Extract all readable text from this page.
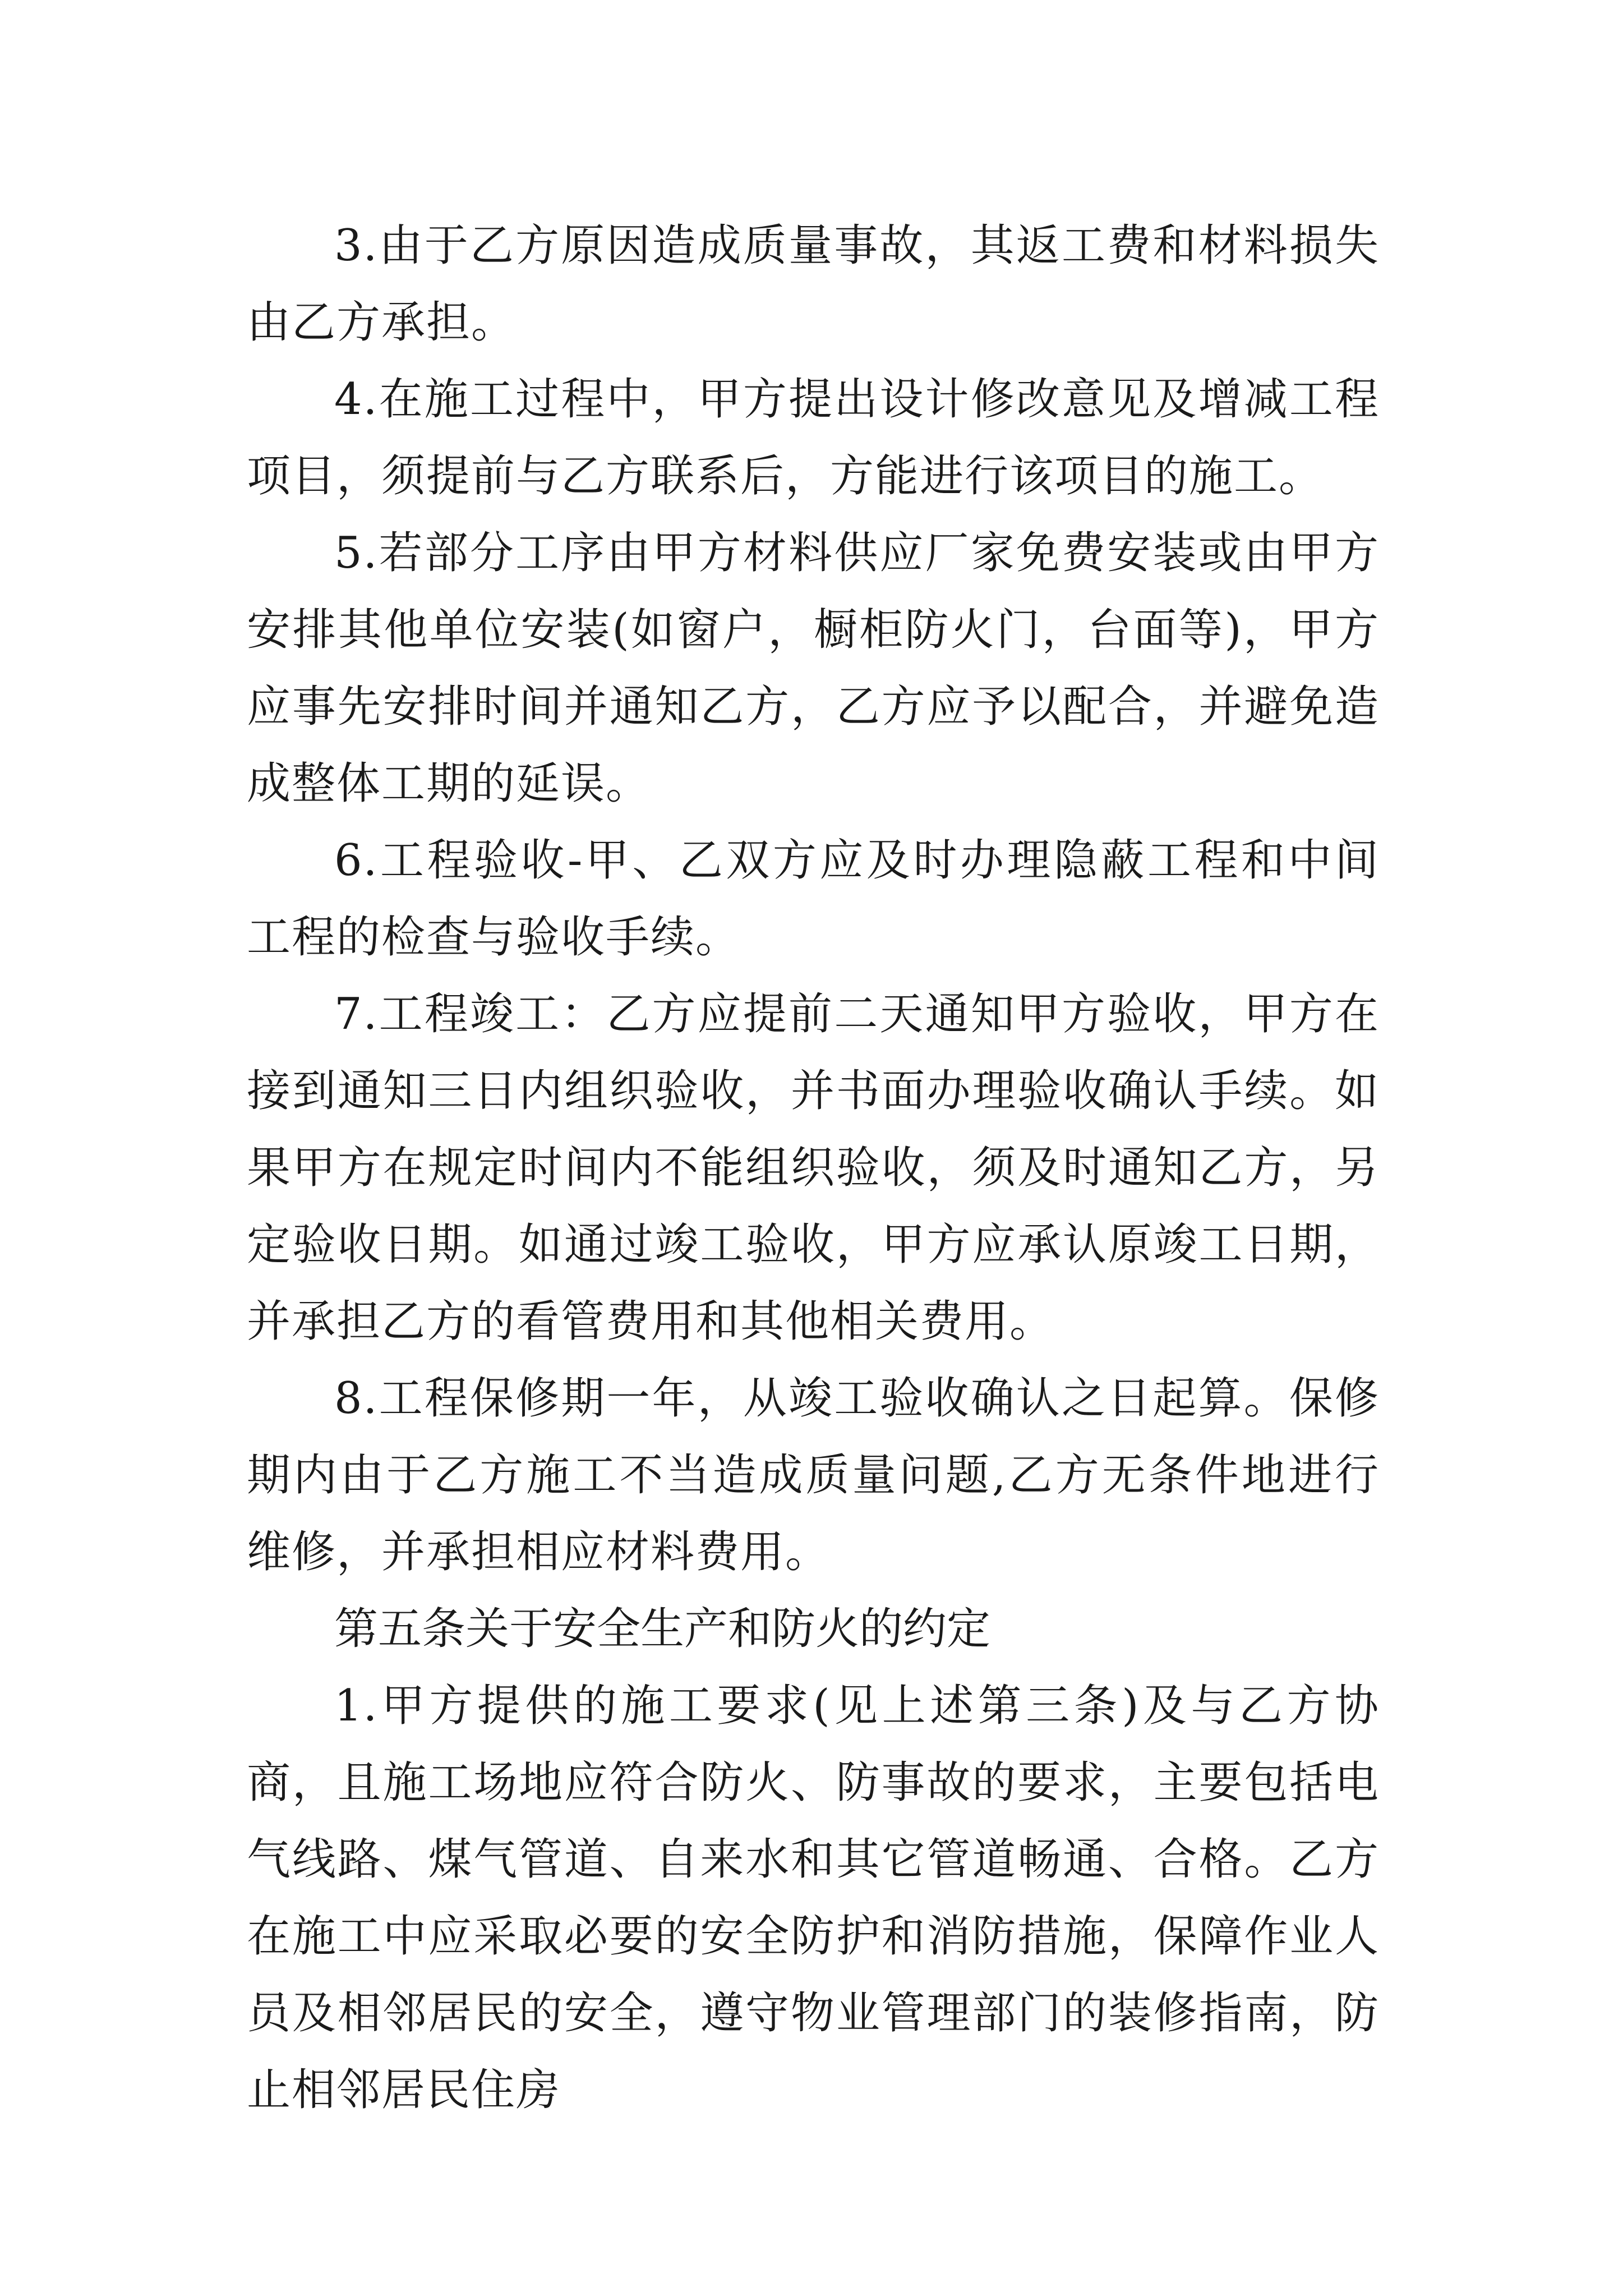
3.由于乙方原因造成质量事故，其返工费和材料损失由乙方承担。

4.在施工过程中，甲方提出设计修改意见及增减工程项目，须提前与乙方联系后，方能进行该项目的施工。

5.若部分工序由甲方材料供应厂家免费安装或由甲方安排其他单位安装(如窗户，橱柜防火门，台面等)，甲方应事先安排时间并通知乙方，乙方应予以配合，并避免造成整体工期的延误。

6.工程验收-甲、乙双方应及时办理隐蔽工程和中间工程的检查与验收手续。

7.工程竣工：乙方应提前二天通知甲方验收，甲方在接到通知三日内组织验收，并书面办理验收确认手续。如果甲方在规定时间内不能组织验收，须及时通知乙方，另定验收日期。如通过竣工验收，甲方应承认原竣工日期，并承担乙方的看管费用和其他相关费用。

8.工程保修期一年，从竣工验收确认之日起算。保修期内由于乙方施工不当造成质量问题,乙方无条件地进行维修，并承担相应材料费用。

第五条关于安全生产和防火的约定

1.甲方提供的施工要求(见上述第三条)及与乙方协商，且施工场地应符合防火、防事故的要求，主要包括电气线路、煤气管道、自来水和其它管道畅通、合格。乙方在施工中应采取必要的安全防护和消防措施，保障作业人员及相邻居民的安全，遵守物业管理部门的装修指南，防止相邻居民住房
